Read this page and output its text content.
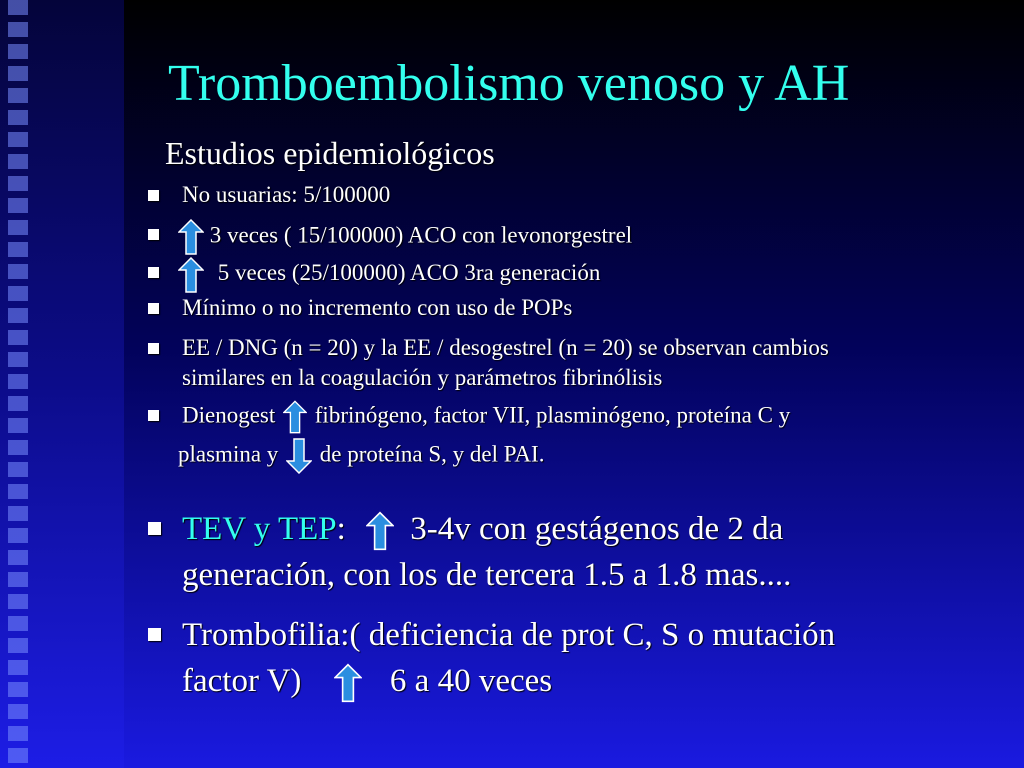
Tromboembolismo venoso y AH
Estudios epidemiológicos
No usuarias: 5/100000
3 veces ( 15/100000) ACO con levonorgestrel
5 veces (25/100000) ACO 3ra generación
Mínimo o no incremento con uso de POPs
EE / DNG (n = 20) y la EE / desogestrel (n = 20) se observan cambios
similares en la coagulación y parámetros fibrinólisis
Dienogest fibrinógeno, factor VII, plasminógeno, proteína C y
plasmina y de proteína S, y del PAI.
TEV y TEP: 3-4v con gestágenos de 2 da
generación, con los de tercera 1.5 a 1.8 mas....
Trombofilia:( deficiencia de prot C, S o mutación
factor V)	6 a 40 veces
